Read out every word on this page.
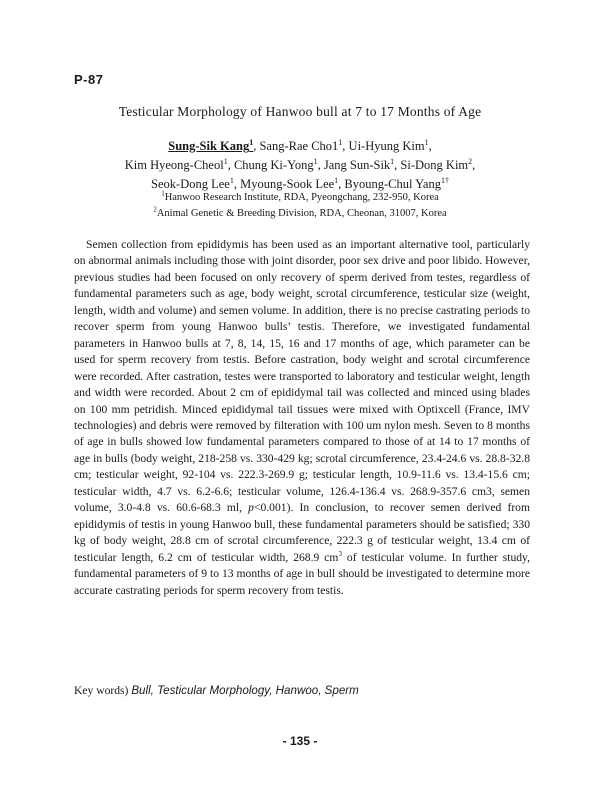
P-87
Testicular Morphology of Hanwoo bull at 7 to 17 Months of Age
Sung-Sik Kang$^1$, Sang-Rae $Cho1^1$, Ui-Hyung Kim$^1$,
Kim Hyeong-Cheol$^1$, Chung Ki-Yong$^1$, Jang Sun-Sik$^1$, Si-Dong Kim$^2$,
Seok-Dong Lee$^1$, Myoung-Sook Lee$^1$, Byoung-Chul Yang$^{1\dagger}$
$^1$Hanwoo Research Institute, RDA, Pyeongchang, 232-950, Korea
$^2$Animal Genetic & Breeding Division, RDA, Cheonan, 31007, Korea

Semen collection from epididymis has been used as an important alternative tool, particularly on abnormal animals including those with joint disorder, poor sex drive and poor libido. However, previous studies had been focused on only recovery of sperm derived from testes, regardless of fundamental parameters such as age, body weight, scrotal circumference, testicular size (weight, length, width and volume) and semen volume. In addition, there is no precise castrating periods to recover sperm from young Hanwoo bulls’ testis. Therefore, we investigated fundamental parameters in Hanwoo bulls at 7, 8, 14, 15, 16 and 17 months of age, which parameter can be used for sperm recovery from testis. Before castration, body weight and scrotal circumference were recorded. After castration, testes were transported to laboratory and testicular weight, length and width were recorded. About 2 cm of epididymal tail was collected and minced using blades on 100 mm petridish. Minced epididymal tail tissues were mixed with Optixcell (France, IMV technologies) and debris were removed by filteration with 100 um nylon mesh. Seven to 8 months of age in bulls showed low fundamental parameters compared to those of at 14 to 17 months of age in bulls (body weight, 218-258 vs. 330-429 kg; scrotal circumference, 23.4-24.6 vs. 28.8-32.8 cm; testicular weight, 92-104 vs. 222.3-269.9 g; testicular length, 10.9-11.6 vs. 13.4-15.6 cm; testicular width, 4.7 vs. 6.2-6.6; testicular volume, 126.4-136.4 vs. 268.9-357.6 cm3, semen volume, 3.0-4.8 vs. 60.6-68.3 ml, p<0.001). In conclusion, to recover semen derived from epididymis of testis in young Hanwoo bull, these fundamental parameters should be satisfied; 330 kg of body weight, 28.8 cm of scrotal circumference, 222.3 g of testicular weight, 13.4 cm of testicular length, 6.2 cm of testicular width, 268.9 $cm^3$ of testicular volume. In further study, fundamental parameters of 9 to 13 months of age in bull should be investigated to determine more accurate castrating periods for sperm recovery from testis.

Key words) Bull, Testicular Morphology, Hanwoo, Sperm
- 135 -
